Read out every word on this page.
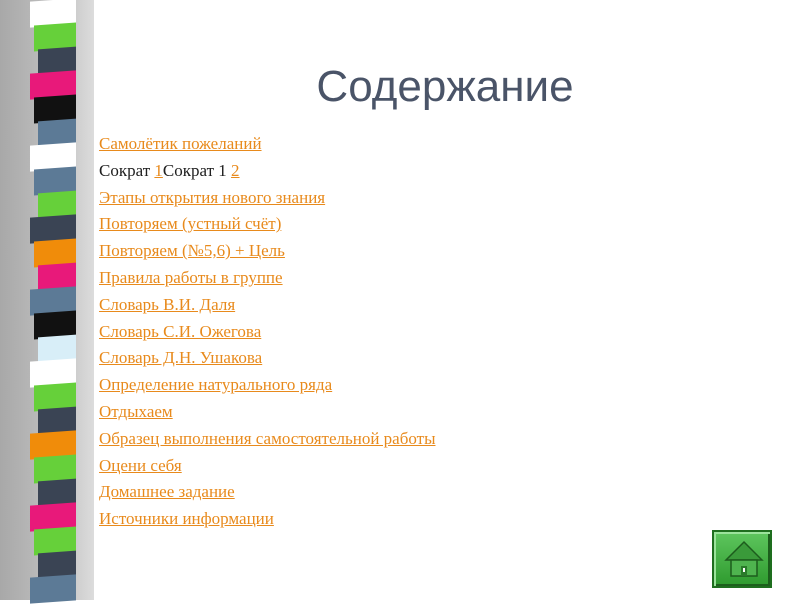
Содержание
Самолётик пожеланий
Сократ 1Сократ 1 2
Этапы открытия нового знания
Повторяем (устный счёт)
Повторяем (№5,6) + Цель
Правила работы в группе
Словарь В.И. Даля
Словарь С.И. Ожегова
Словарь Д.Н. Ушакова
Определение натурального ряда
Отдыхаем
Образец выполнения самостоятельной работы
Оцени себя
Домашнее задание
Источники информации
